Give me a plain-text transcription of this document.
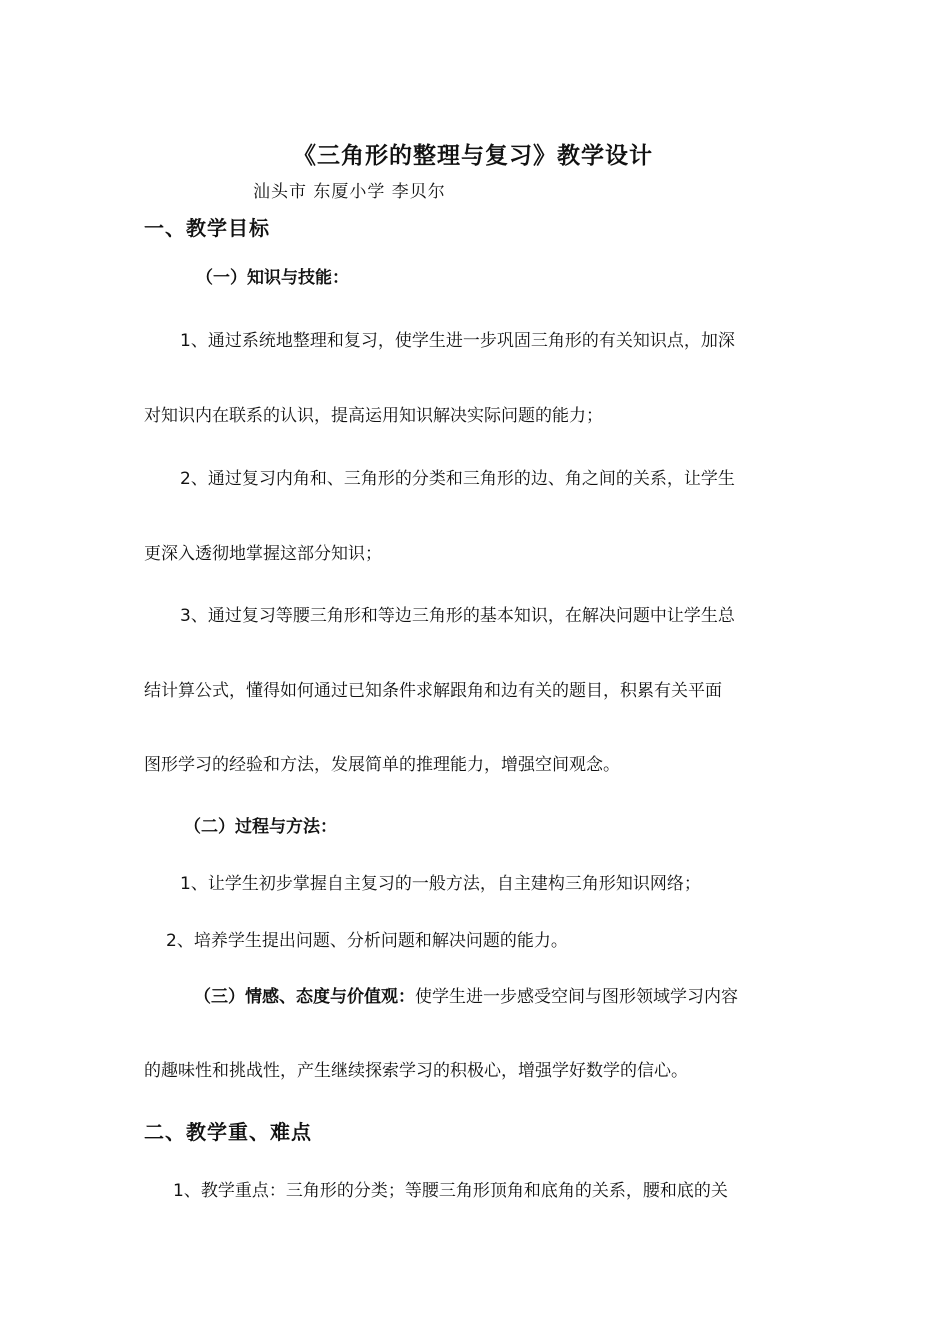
《三角形的整理与复习》教学设计
汕头市 东厦小学 李贝尔
一、教学目标
（一）知识与技能：
1、通过系统地整理和复习，使学生进一步巩固三角形的有关知识点，加深
对知识内在联系的认识，提高运用知识解决实际问题的能力；
2、通过复习内角和、三角形的分类和三角形的边、角之间的关系，让学生
更深入透彻地掌握这部分知识；
3、通过复习等腰三角形和等边三角形的基本知识，在解决问题中让学生总
结计算公式，懂得如何通过已知条件求解跟角和边有关的题目，积累有关平面
图形学习的经验和方法，发展简单的推理能力，增强空间观念。
（二）过程与方法：
1、让学生初步掌握自主复习的一般方法，自主建构三角形知识网络；
2、培养学生提出问题、分析问题和解决问题的能力。
（三）情感、态度与价值观：使学生进一步感受空间与图形领域学习内容
的趣味性和挑战性，产生继续探索学习的积极心，增强学好数学的信心。
二、教学重、难点
1、教学重点：三角形的分类；等腰三角形顶角和底角的关系，腰和底的关
